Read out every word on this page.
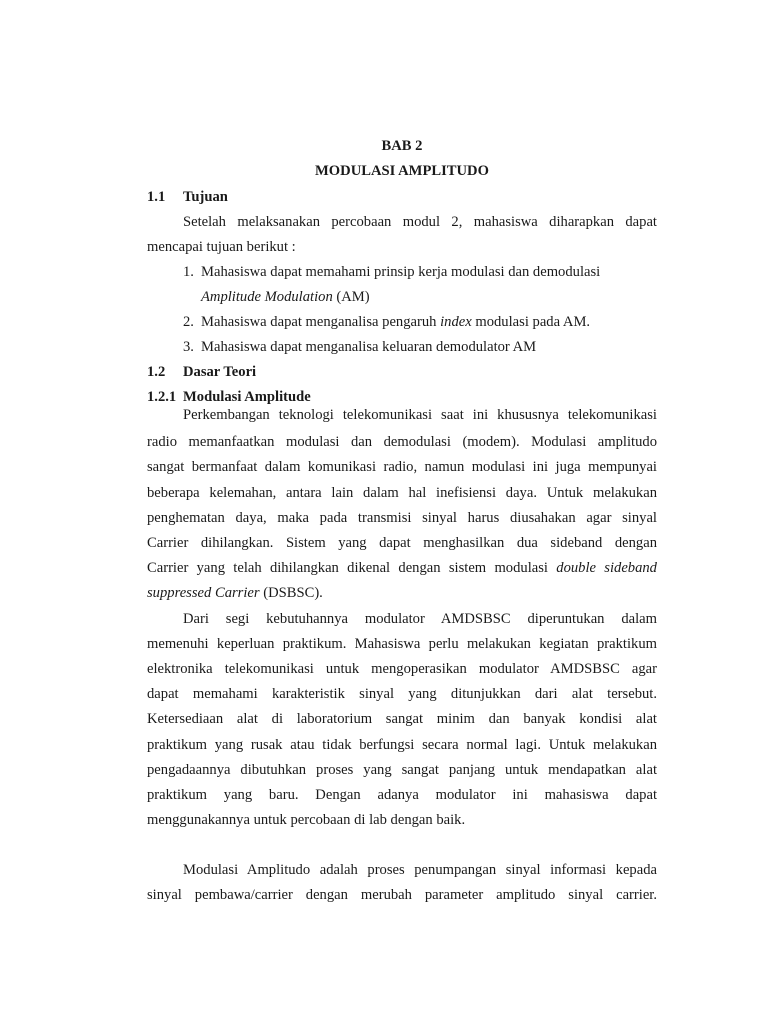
BAB 2
MODULASI AMPLITUDO
1.1 Tujuan
Setelah melaksanakan percobaan modul 2, mahasiswa diharapkan dapat
mencapai tujuan berikut :
1. Mahasiswa dapat memahami prinsip kerja modulasi dan demodulasi
Amplitude Modulation (AM)
2. Mahasiswa dapat menganalisa pengaruh index modulasi pada AM.
3. Mahasiswa dapat menganalisa keluaran demodulator AM
1.2 Dasar Teori
1.2.1 Modulasi Amplitude
Perkembangan teknologi telekomunikasi saat ini khususnya telekomunikasi
radio memanfaatkan modulasi dan demodulasi (modem). Modulasi amplitudo
sangat bermanfaat dalam komunikasi radio, namun modulasi ini juga mempunyai
beberapa kelemahan, antara lain dalam hal inefisiensi daya. Untuk melakukan
penghematan daya, maka pada transmisi sinyal harus diusahakan agar sinyal
Carrier dihilangkan. Sistem yang dapat menghasilkan dua sideband dengan
Carrier yang telah dihilangkan dikenal dengan sistem modulasi double sideband
suppressed Carrier (DSBSC).
Dari segi kebutuhannya modulator AMDSBSC diperuntukan dalam
memenuhi keperluan praktikum. Mahasiswa perlu melakukan kegiatan praktikum
elektronika telekomunikasi untuk mengoperasikan modulator AMDSBSC agar
dapat memahami karakteristik sinyal yang ditunjukkan dari alat tersebut.
Ketersediaan alat di laboratorium sangat minim dan banyak kondisi alat
praktikum yang rusak atau tidak berfungsi secara normal lagi. Untuk melakukan
pengadaannya dibutuhkan proses yang sangat panjang untuk mendapatkan alat
praktikum yang baru. Dengan adanya modulator ini mahasiswa dapat
menggunakannya untuk percobaan di lab dengan baik.
Modulasi Amplitudo adalah proses penumpangan sinyal informasi kepada
sinyal pembawa/carrier dengan merubah parameter amplitudo sinyal carrier.
